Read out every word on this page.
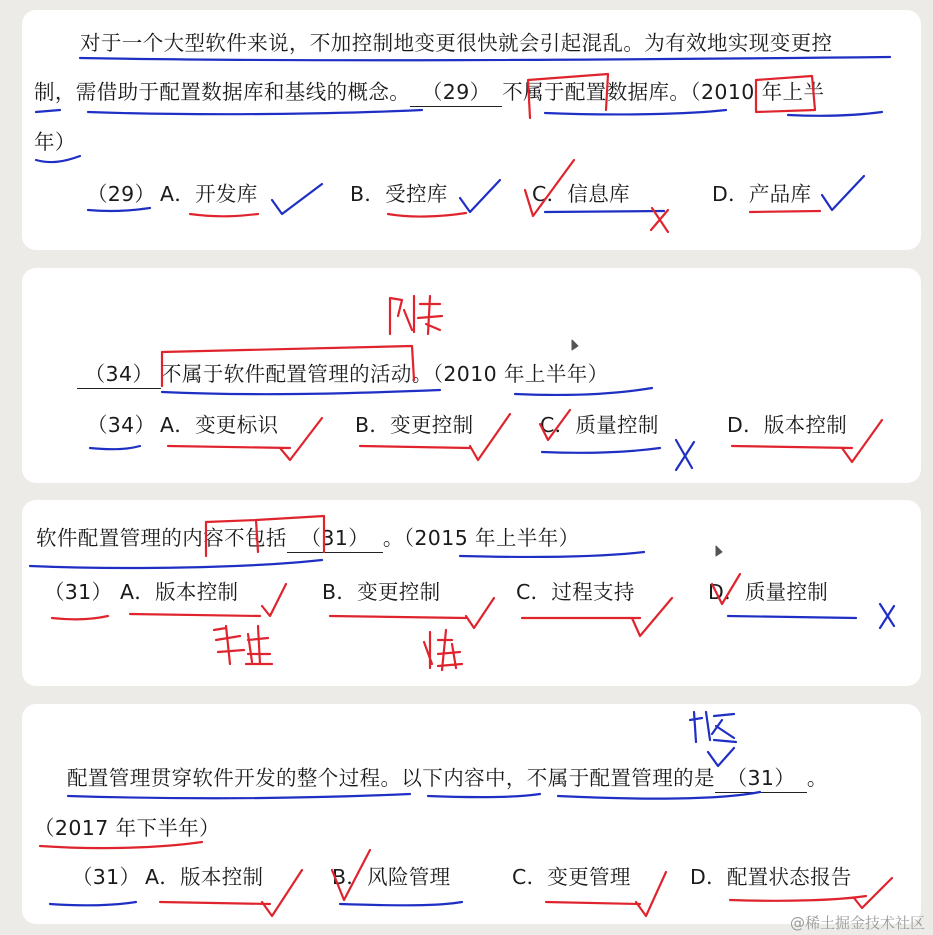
对于一个大型软件来说，不加控制地变更很快就会引起混乱。为有效地实现变更控
制，需借助于配置数据库和基线的概念。 （29） 不属于配置数据库。（2010 年上半
年）
（29） A．开发库	B．受控库	C．信息库	D．产品库
（34） 不属于软件配置管理的活动。（2010 年上半年）
（34） A．变更标识	B．变更控制	C．质量控制	D．版本控制
软件配置管理的内容不包括 （31） 。（2015 年上半年）
（31） A．版本控制	B．变更控制	C．过程支持	D．质量控制
配置管理贯穿软件开发的整个过程。以下内容中，不属于配置管理的是 （31） 。
（2017 年下半年）
（31） A．版本控制	B．风险管理	C．变更管理	D．配置状态报告
@稀土掘金技术社区
